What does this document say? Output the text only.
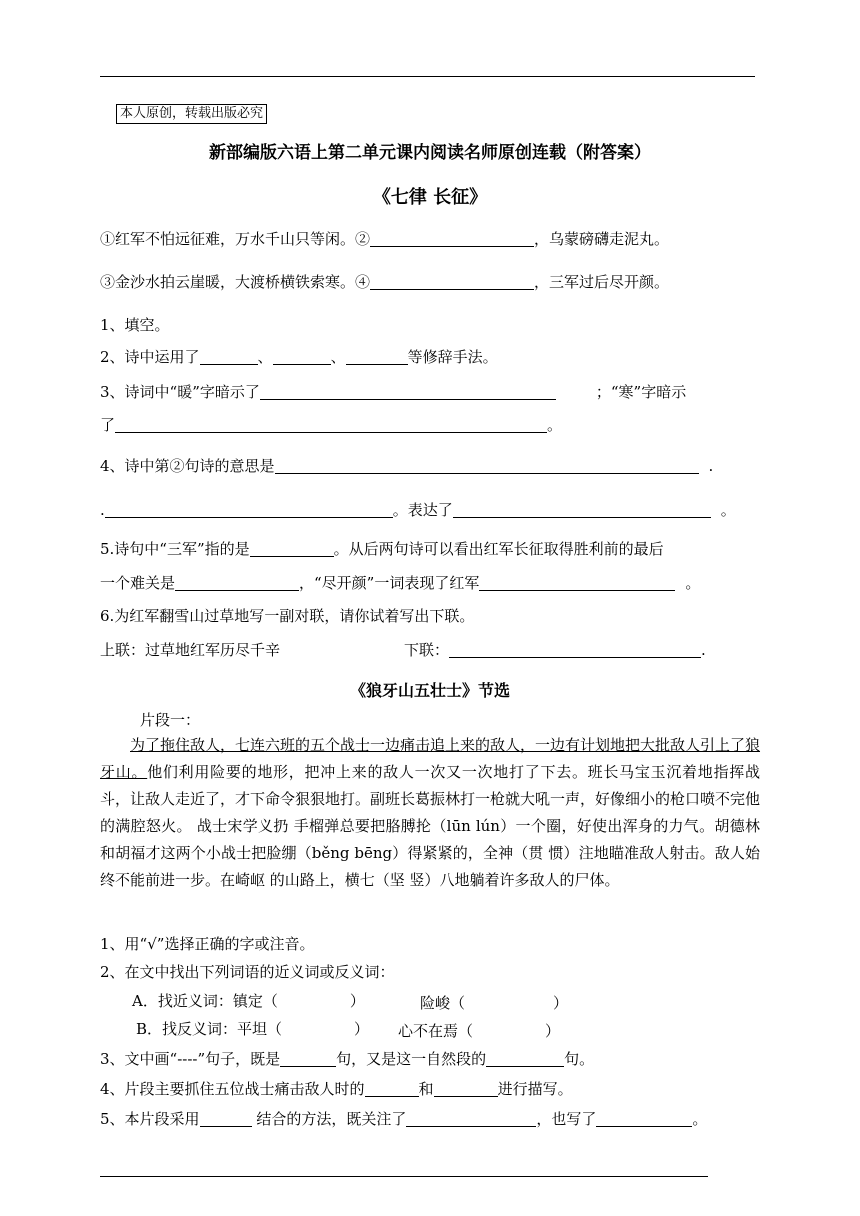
本人原创，转载出版必究
新部编版六语上第二单元课内阅读名师原创连载（附答案）
《七律 长征》
①红军不怕远征难，万水千山只等闲。②	，乌蒙磅礴走泥丸。
③金沙水拍云崖暖，大渡桥横铁索寒。④	，三军过后尽开颜。
1、填空。
2、诗中运用了	、	、	等修辞手法。
3、诗词中“暖”字暗示了	；“寒”字暗示
了	。
4、诗中第②句诗的意思是	.
.	。表达了	。
5.诗句中“三军”指的是	。从后两句诗可以看出红军长征取得胜利前的最后
一个难关是	，“尽开颜”一词表现了红军	。
6.为红军翻雪山过草地写一副对联，请你试着写出下联。
上联：过草地红军历尽千辛	下联：	.
《狼牙山五壮士》节选
片段一：
为了拖住敌人，七连六班的五个战士一边痛击追上来的敌人，一边有计划地把大批敌人引上了狼牙山。他们利用险要的地形，把冲上来的敌人一次又一次地打了下去。班长马宝玉沉着地指挥战斗，让敌人走近了，才下命令狠狠地打。副班长葛振林打一枪就大吼一声，好像细小的枪口喷不完他的满腔怒火。 战士宋学义扔 手榴弹总要把胳膊抡（lūn lún）一个圈，好使出浑身的力气。胡德林和胡福才这两个小战士把脸绷（běng bēng）得紧紧的，全神（贯 惯）注地瞄准敌人射击。敌人始终不能前进一步。在崎岖 的山路上，横七（坚 竖）八地躺着许多敌人的尸体。
1、用“√”选择正确的字或注音。
2、在文中找出下列词语的近义词或反义词：
A．找近义词：镇定（	）	险峻（	）
B．找反义词：平坦（	） 心不在焉（	）
3、文中画“----”句子，既是	句，又是这一自然段的	句。
4、片段主要抓住五位战士痛击敌人时的	和	进行描写。
5、本片段采用	结合的方法，既关注了	，也写了	。
